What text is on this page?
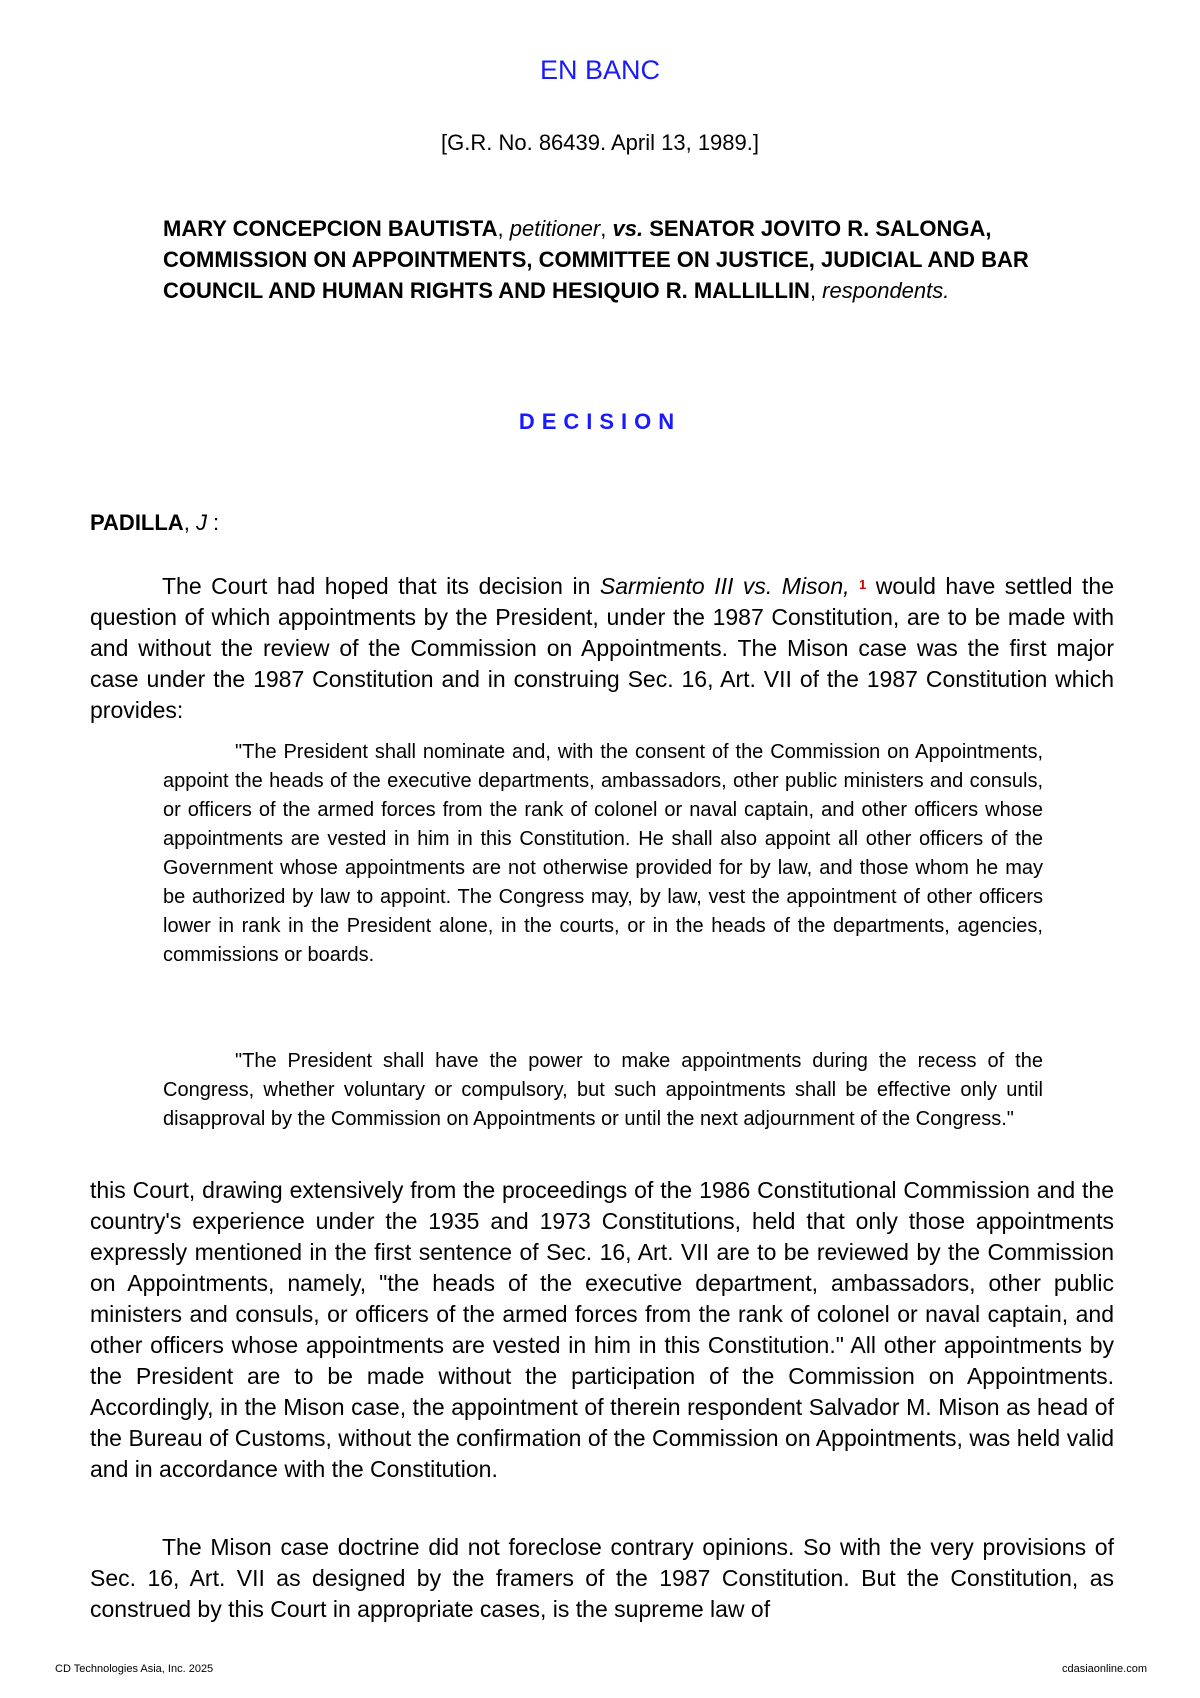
EN BANC
[G.R. No. 86439. April 13, 1989.]
MARY CONCEPCION BAUTISTA, petitioner, vs. SENATOR JOVITO R. SALONGA, COMMISSION ON APPOINTMENTS, COMMITTEE ON JUSTICE, JUDICIAL AND BAR COUNCIL AND HUMAN RIGHTS AND HESIQUIO R. MALLILLIN, respondents.
DECISION
PADILLA, J :
The Court had hoped that its decision in Sarmiento III vs. Mison, $^1$ would have settled the question of which appointments by the President, under the 1987 Constitution, are to be made with and without the review of the Commission on Appointments. The Mison case was the first major case under the 1987 Constitution and in construing Sec. 16, Art. VII of the 1987 Constitution which provides:
"The President shall nominate and, with the consent of the Commission on Appointments, appoint the heads of the executive departments, ambassadors, other public ministers and consuls, or officers of the armed forces from the rank of colonel or naval captain, and other officers whose appointments are vested in him in this Constitution. He shall also appoint all other officers of the Government whose appointments are not otherwise provided for by law, and those whom he may be authorized by law to appoint. The Congress may, by law, vest the appointment of other officers lower in rank in the President alone, in the courts, or in the heads of the departments, agencies, commissions or boards.
"The President shall have the power to make appointments during the recess of the Congress, whether voluntary or compulsory, but such appointments shall be effective only until disapproval by the Commission on Appointments or until the next adjournment of the Congress."
this Court, drawing extensively from the proceedings of the 1986 Constitutional Commission and the country's experience under the 1935 and 1973 Constitutions, held that only those appointments expressly mentioned in the first sentence of Sec. 16, Art. VII are to be reviewed by the Commission on Appointments, namely, "the heads of the executive department, ambassadors, other public ministers and consuls, or officers of the armed forces from the rank of colonel or naval captain, and other officers whose appointments are vested in him in this Constitution." All other appointments by the President are to be made without the participation of the Commission on Appointments. Accordingly, in the Mison case, the appointment of therein respondent Salvador M. Mison as head of the Bureau of Customs, without the confirmation of the Commission on Appointments, was held valid and in accordance with the Constitution.
The Mison case doctrine did not foreclose contrary opinions. So with the very provisions of Sec. 16, Art. VII as designed by the framers of the 1987 Constitution. But the Constitution, as construed by this Court in appropriate cases, is the supreme law of
CD Technologies Asia, Inc. 2025	cdasiaonline.com
